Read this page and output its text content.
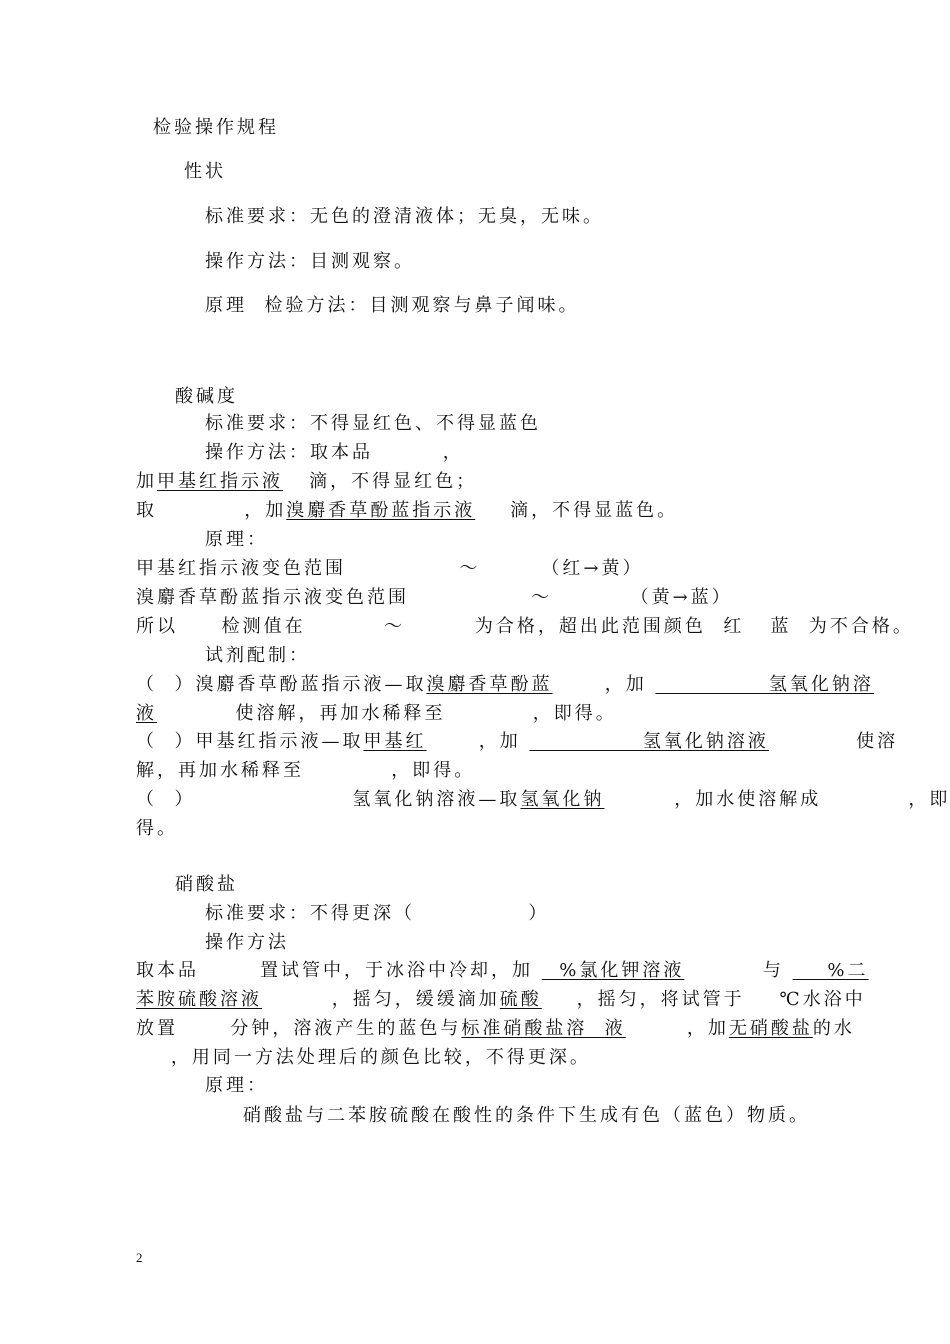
检验操作规程
性状
标准要求：无色的澄清液体；无臭，无味。
操作方法：目测观察。
原理  检验方法：目测观察与鼻子闻味。
酸碱度
标准要求：不得显红色、不得显蓝色
操作方法：取本品        ，
加甲基红指示液   滴，不得显红色；
取          ，加溴麝香草酚蓝指示液    滴，不得显蓝色。
原理：
甲基红指示液变色范围             ～       （红→黄）
溴麝香草酚蓝指示液变色范围              ～         （黄→蓝）
所以     检测值在         ～        为合格，超出此范围颜色  红   蓝  为不合格。
试剂配制：
（  ）溴麝香草酚蓝指示液—取溴麝香草酚蓝      ，加              氢氧化钠溶
液         使溶解，再加水稀释至          ，即得。
（  ）甲基红指示液—取甲基红      ，加              氢氧化钠溶液          使溶
解，再加水稀释至          ，即得。
（  ）                  氢氧化钠溶液—取氢氧化钠        ，加水使溶解成          ，即
得。
硝酸盐
标准要求：不得更深（             ）
操作方法
取本品       置试管中，于冰浴中冷却，加   %氯化钾溶液         与     %二
苯胺硫酸溶液        ，摇匀，缓缓滴加硫酸    ，摇匀，将试管于    ℃水浴中
放置      分钟，溶液产生的蓝色与标准硝酸盐溶  液       ，加无硝酸盐的水
，用同一方法处理后的颜色比较，不得更深。
原理：
硝酸盐与二苯胺硫酸在酸性的条件下生成有色（蓝色）物质。
2
